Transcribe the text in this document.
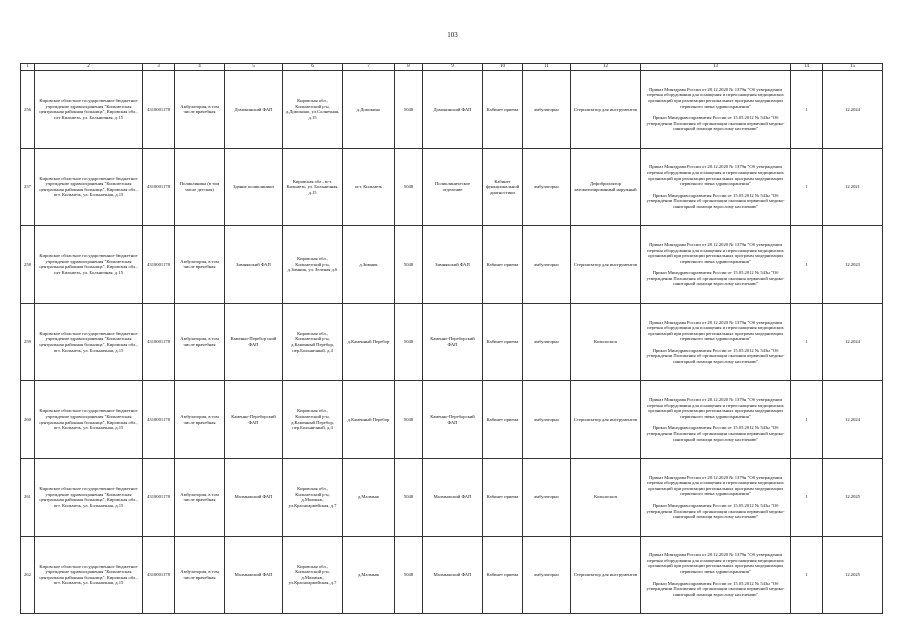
103
1	2	3	4	5	6	7	8	9	10	11	12	13	14	15
256	Кировское областное государственное бюджетное учреждение здравоохранения "Кильмезская центральная районная больница", Кировская обл., пгт Кильмезь, ул. Больничная, д.15	4310001178	Амбулатория, в том числе врачебная	Домокинский ФАП	Кировская обл., Кильмезский р-н, д.Домокино, ул.Солнечная, д.15	д.Домокино	5048	Домокинский ФАП	Кабинет приема	амбулаторно	Стерилизатор для инструментов	Приказ Минздрава России от 28.12.2020 № 1379н "Об утверждении перечня оборудования для оснащения и переоснащения медицинских организаций при реализации региональных программ модернизации первичного звена здравоохранения"
Приказ Минздравсоцразвития России от 15.05.2012 № 543н "Об утверждении Положения об организации оказания первичной медико-санитарной помощи взрослому населению"	1	12.2024
257	Кировское областное государственное бюджетное учреждение здравоохранения "Кильмезская центральная районная больница", Кировская обл., пгт. Кильмезь, ул. Больничная, д.15	4310001178	Поликлиника (в том числе детская)	Здание поликлиники	Кировская обл., пгт. Кильмезь, ул. Больничная, д.15	пгт. Кильмезь	5048	Поликлиническое отделение	Кабинет функциональной диагностики	амбулаторно	Дефибриллятор автоматизированный наружный	Приказ Минздрава России от 28.12.2020 № 1379н "Об утверждении перечня оборудования для оснащения и переоснащения медицинских организаций при реализации региональных программ модернизации первичного звена здравоохранения"
Приказ Минздравсоцразвития России от 15.05.2012 № 543н "Об утверждении Положения об организации оказания первичной медико-санитарной помощи взрослому населению"	1	12.2021
258	Кировское областное государственное бюджетное учреждение здравоохранения "Кильмезская центральная районная больница", Кировская обл., пгт Кильмезь, ул. Больничная, д.15	4310001178	Амбулатория, в том числе врачебная	Зимнякский ФАП	Кировская обл., Кильмезский р-н, д.Зимник, ул. Зеленая д.6	д.Зимник	5048	Зимнякский ФАП	Кабинет приема	амбулаторно	Стерилизатор для инструментов	Приказ Минздрава России от 28.12.2020 № 1379н "Об утверждении перечня оборудования для оснащения и переоснащения медицинских организаций при реализации региональных программ модернизации первичного звена здравоохранения"
Приказ Минздравсоцразвития России от 15.05.2012 № 543н "Об утверждении Положения об организации оказания первичной медико-санитарной помощи взрослому населению"	1	12.2023
259	Кировское областное государственное бюджетное учреждение здравоохранения "Кильмезская центральная районная больница", Кировская обл., пгт. Кильмезь, ул. Больничная, д.15	4310001178	Амбулатория, в том числе врачебная	Каменно-Перебор ский ФАП	Кировская обл., Кильмезский р-н, д.Каменный Перебор, пер.Больничный, д.4	д.Каменный Перебор	5048	Каменно-Переборский ФАП	Кабинет приема	амбулаторно	Кольпоскоп	Приказ Минздрава России от 28.12.2020 № 1379н "Об утверждении перечня оборудования для оснащения и переоснащения медицинских организаций при реализации региональных программ модернизации первичного звена здравоохранения"
Приказ Минздравсоцразвития России от 15.05.2012 № 543н "Об утверждении Положения об организации оказания первичной медико-санитарной помощи взрослому населению"	1	12.2024
260	Кировское областное государственное бюджетное учреждение здравоохранения "Кильмезская центральная районная больница", Кировская обл., пгт. Кильмезь, ул. Больничная, д.15	4310001178	Амбулатория, в том числе врачебная	Каменно-Переборский ФАП	Кировская обл., Кильмезский р-н, д.Каменный Перебор, пер.Больничный, д.4	д.Каменный Перебор	5048	Каменно-Переборский ФАП	Кабинет приема	амбулаторно	Стерилизатор для инструментов	Приказ Минздрава России от 28.12.2020 № 1379н "Об утверждении перечня оборудования для оснащения и переоснащения медицинских организаций при реализации региональных программ модернизации первичного звена здравоохранения"
Приказ Минздравсоцразвития России от 15.05.2012 № 543н "Об утверждении Положения об организации оказания первичной медико-санитарной помощи взрослому населению"	1	12.2024
261	Кировское областное государственное бюджетное учреждение здравоохранения "Кильмезская центральная районная больница", Кировская обл., пгт. Кильмезь, ул. Больничная, д.15	4310001178	Амбулатория, в том числе врачебная	Малмыжский ФАП	Кировская обл., Кильмезский р-н, д.Малмыж, ул.Красноармейская, д.7	д.Малмыж	5048	Малмыжский ФАП	Кабинет приема	амбулаторно	Кольпоскоп	Приказ Минздрава России от 28.12.2020 № 1379н "Об утверждении перечня оборудования для оснащения и переоснащения медицинских организаций при реализации региональных программ модернизации первичного звена здравоохранения"
Приказ Минздравсоцразвития России от 15.05.2012 № 543н "Об утверждении Положения об организации оказания первичной медико-санитарной помощи взрослому населению"	1	12.2025
262	Кировское областное государственное бюджетное учреждение здравоохранения "Кильмезская центральная районная больница", Кировская обл., пгт. Кильмезь, ул. Больничная, д.15	4310001178	Амбулатория, в том числе врачебная	Малмыжский ФАП	Кировская обл., Кильмезский р-н, д.Малмыж, ул.Красноармейская, д.7	д.Малмыж	5048	Малмыжский ФАП	Кабинет приема	амбулаторно	Стерилизатор для инструментов	Приказ Минздрава России от 28.12.2020 № 1379н "Об утверждении перечня оборудования для оснащения и переоснащения медицинских организаций при реализации региональных программ модернизации первичного звена здравоохранения"
Приказ Минздравсоцразвития России от 15.05.2012 № 543н "Об утверждении Положения об организации оказания первичной медико-санитарной помощи взрослому населению"	1	12.2025
